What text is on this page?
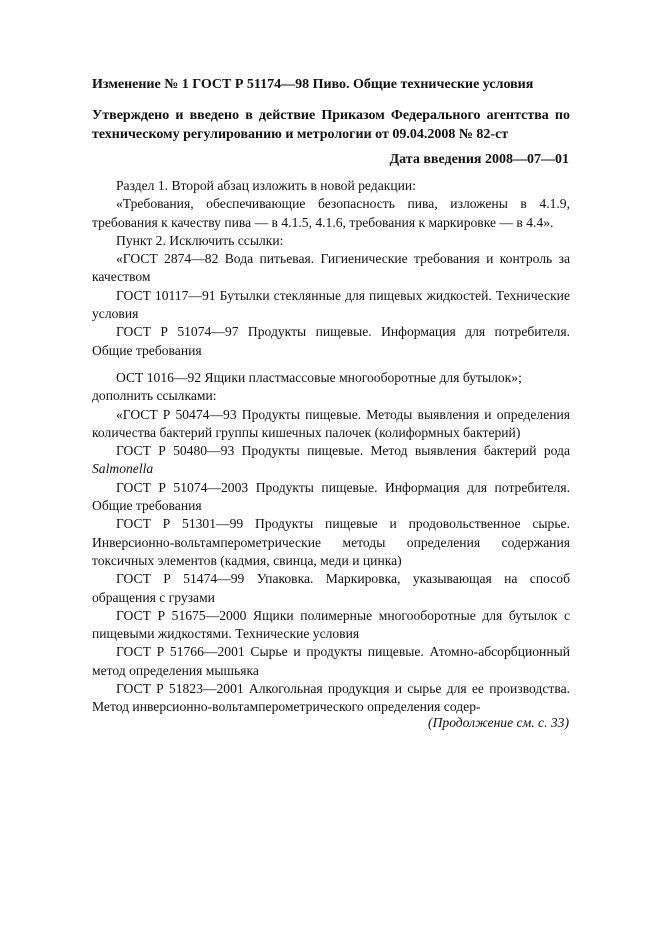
Изменение № 1 ГОСТ Р 51174—98 Пиво. Общие технические условия
Утверждено и введено в действие Приказом Федерального агентства по техническому регулированию и метрологии от 09.04.2008 № 82-ст
Дата введения 2008—07—01

Раздел 1. Второй абзац изложить в новой редакции:

«Требования, обеспечивающие безопасность пива, изложены в 4.1.9, требования к качеству пива — в 4.1.5, 4.1.6, требования к маркировке — в 4.4».

Пункт 2. Исключить ссылки:

«ГОСТ 2874—82 Вода питьевая. Гигиенические требования и контроль за качеством

ГОСТ 10117—91 Бутылки стеклянные для пищевых жидкостей. Технические условия

ГОСТ Р 51074—97 Продукты пищевые. Информация для потребителя. Общие требования

ОСТ 1016—92 Ящики пластмассовые многооборотные для бутылок»;

дополнить ссылками:

«ГОСТ Р 50474—93 Продукты пищевые. Методы выявления и определения количества бактерий группы кишечных палочек (колиформных бактерий)

ГОСТ Р 50480—93 Продукты пищевые. Метод выявления бактерий рода Salmonella

ГОСТ Р 51074—2003 Продукты пищевые. Информация для потребителя. Общие требования

ГОСТ Р 51301—99 Продукты пищевые и продовольственное сырье. Инверсионно-вольтамперометрические методы определения содержания токсичных элементов (кадмия, свинца, меди и цинка)

ГОСТ Р 51474—99 Упаковка. Маркировка, указывающая на способ обращения с грузами

ГОСТ Р 51675—2000 Ящики полимерные многооборотные для бутылок с пищевыми жидкостями. Технические условия

ГОСТ Р 51766—2001 Сырье и продукты пищевые. Атомно-абсорбционный метод определения мышьяка

ГОСТ Р 51823—2001 Алкогольная продукция и сырье для ее производства. Метод инверсионно-вольтамперометрического определения содер-

(Продолжение см. с. 33)
